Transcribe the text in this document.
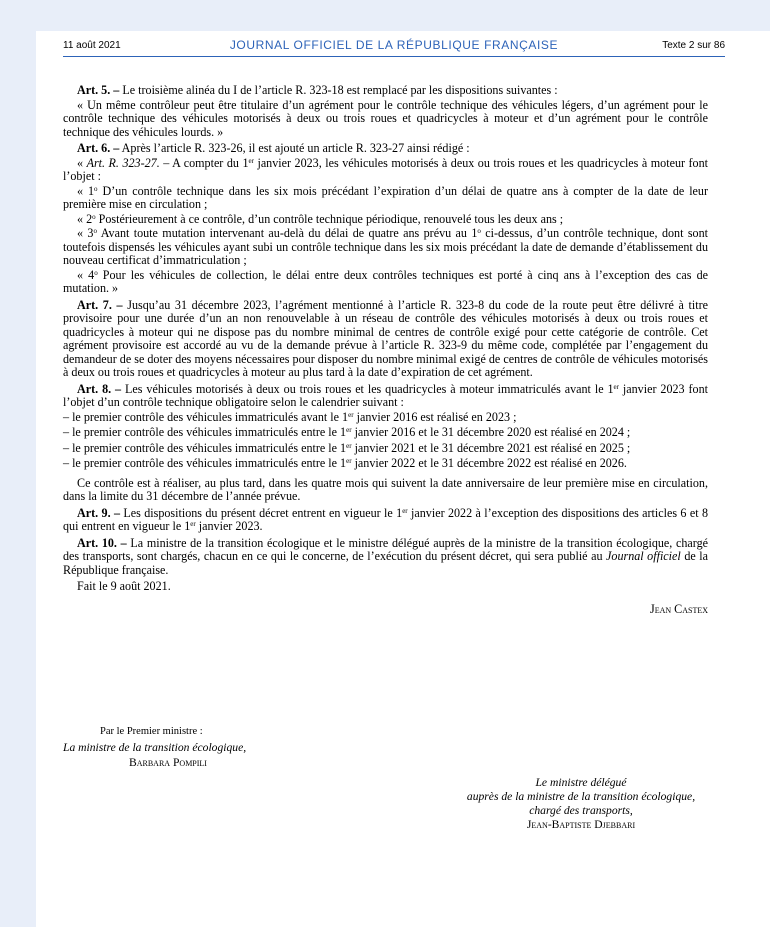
11 août 2021	JOURNAL OFFICIEL DE LA RÉPUBLIQUE FRANÇAISE	Texte 2 sur 86

Art. 5. – Le troisième alinéa du I de l’article R. 323-18 est remplacé par les dispositions suivantes :

« Un même contrôleur peut être titulaire d’un agrément pour le contrôle technique des véhicules légers, d’un agrément pour le contrôle technique des véhicules motorisés à deux ou trois roues et quadricycles à moteur et d’un agrément pour le contrôle technique des véhicules lourds. »

Art. 6. – Après l’article R. 323-26, il est ajouté un article R. 323-27 ainsi rédigé :

« Art. R. 323-27. – A compter du 1er janvier 2023, les véhicules motorisés à deux ou trois roues et les quadricycles à moteur font l’objet :

« 1$^o$ D’un contrôle technique dans les six mois précédant l’expiration d’un délai de quatre ans à compter de la date de leur première mise en circulation ;

« 2$^o$ Postérieurement à ce contrôle, d’un contrôle technique périodique, renouvelé tous les deux ans ;

« 3$^o$ Avant toute mutation intervenant au-delà du délai de quatre ans prévu au 1$^o$ ci-dessus, d’un contrôle technique, dont sont toutefois dispensés les véhicules ayant subi un contrôle technique dans les six mois précédant la date de demande d’établissement du nouveau certificat d’immatriculation ;

« 4$^o$ Pour les véhicules de collection, le délai entre deux contrôles techniques est porté à cinq ans à l’exception des cas de mutation. »

Art. 7. – Jusqu’au 31 décembre 2023, l’agrément mentionné à l’article R. 323-8 du code de la route peut être délivré à titre provisoire pour une durée d’un an non renouvelable à un réseau de contrôle des véhicules motorisés à deux ou trois roues et quadricycles à moteur qui ne dispose pas du nombre minimal de centres de contrôle exigé pour cette catégorie de contrôle. Cet agrément provisoire est accordé au vu de la demande prévue à l’article R. 323-9 du même code, complétée par l’engagement du demandeur de se doter des moyens nécessaires pour disposer du nombre minimal exigé de centres de contrôle de véhicules motorisés à deux ou trois roues et quadricycles à moteur au plus tard à la date d’expiration de cet agrément.

Art. 8. – Les véhicules motorisés à deux ou trois roues et les quadricycles à moteur immatriculés avant le 1er janvier 2023 font l’objet d’un contrôle technique obligatoire selon le calendrier suivant :

– le premier contrôle des véhicules immatriculés avant le 1er janvier 2016 est réalisé en 2023 ;

– le premier contrôle des véhicules immatriculés entre le 1er janvier 2016 et le 31 décembre 2020 est réalisé en 2024 ;

– le premier contrôle des véhicules immatriculés entre le 1er janvier 2021 et le 31 décembre 2021 est réalisé en 2025 ;

– le premier contrôle des véhicules immatriculés entre le 1er janvier 2022 et le 31 décembre 2022 est réalisé en 2026.

Ce contrôle est à réaliser, au plus tard, dans les quatre mois qui suivent la date anniversaire de leur première mise en circulation, dans la limite du 31 décembre de l’année prévue.

Art. 9. – Les dispositions du présent décret entrent en vigueur le 1er janvier 2022 à l’exception des dispositions des articles 6 et 8 qui entrent en vigueur le 1er janvier 2023.

Art. 10. – La ministre de la transition écologique et le ministre délégué auprès de la ministre de la transition écologique, chargé des transports, sont chargés, chacun en ce qui le concerne, de l’exécution du présent décret, qui sera publié au Journal officiel de la République française.

Fait le 9 août 2021.

Jean Castex

Par le Premier ministre :
La ministre de la transition écologique,
Barbara Pompili
Le ministre délégué
auprès de la ministre de la transition écologique,
chargé des transports,
Jean-Baptiste Djebbari
